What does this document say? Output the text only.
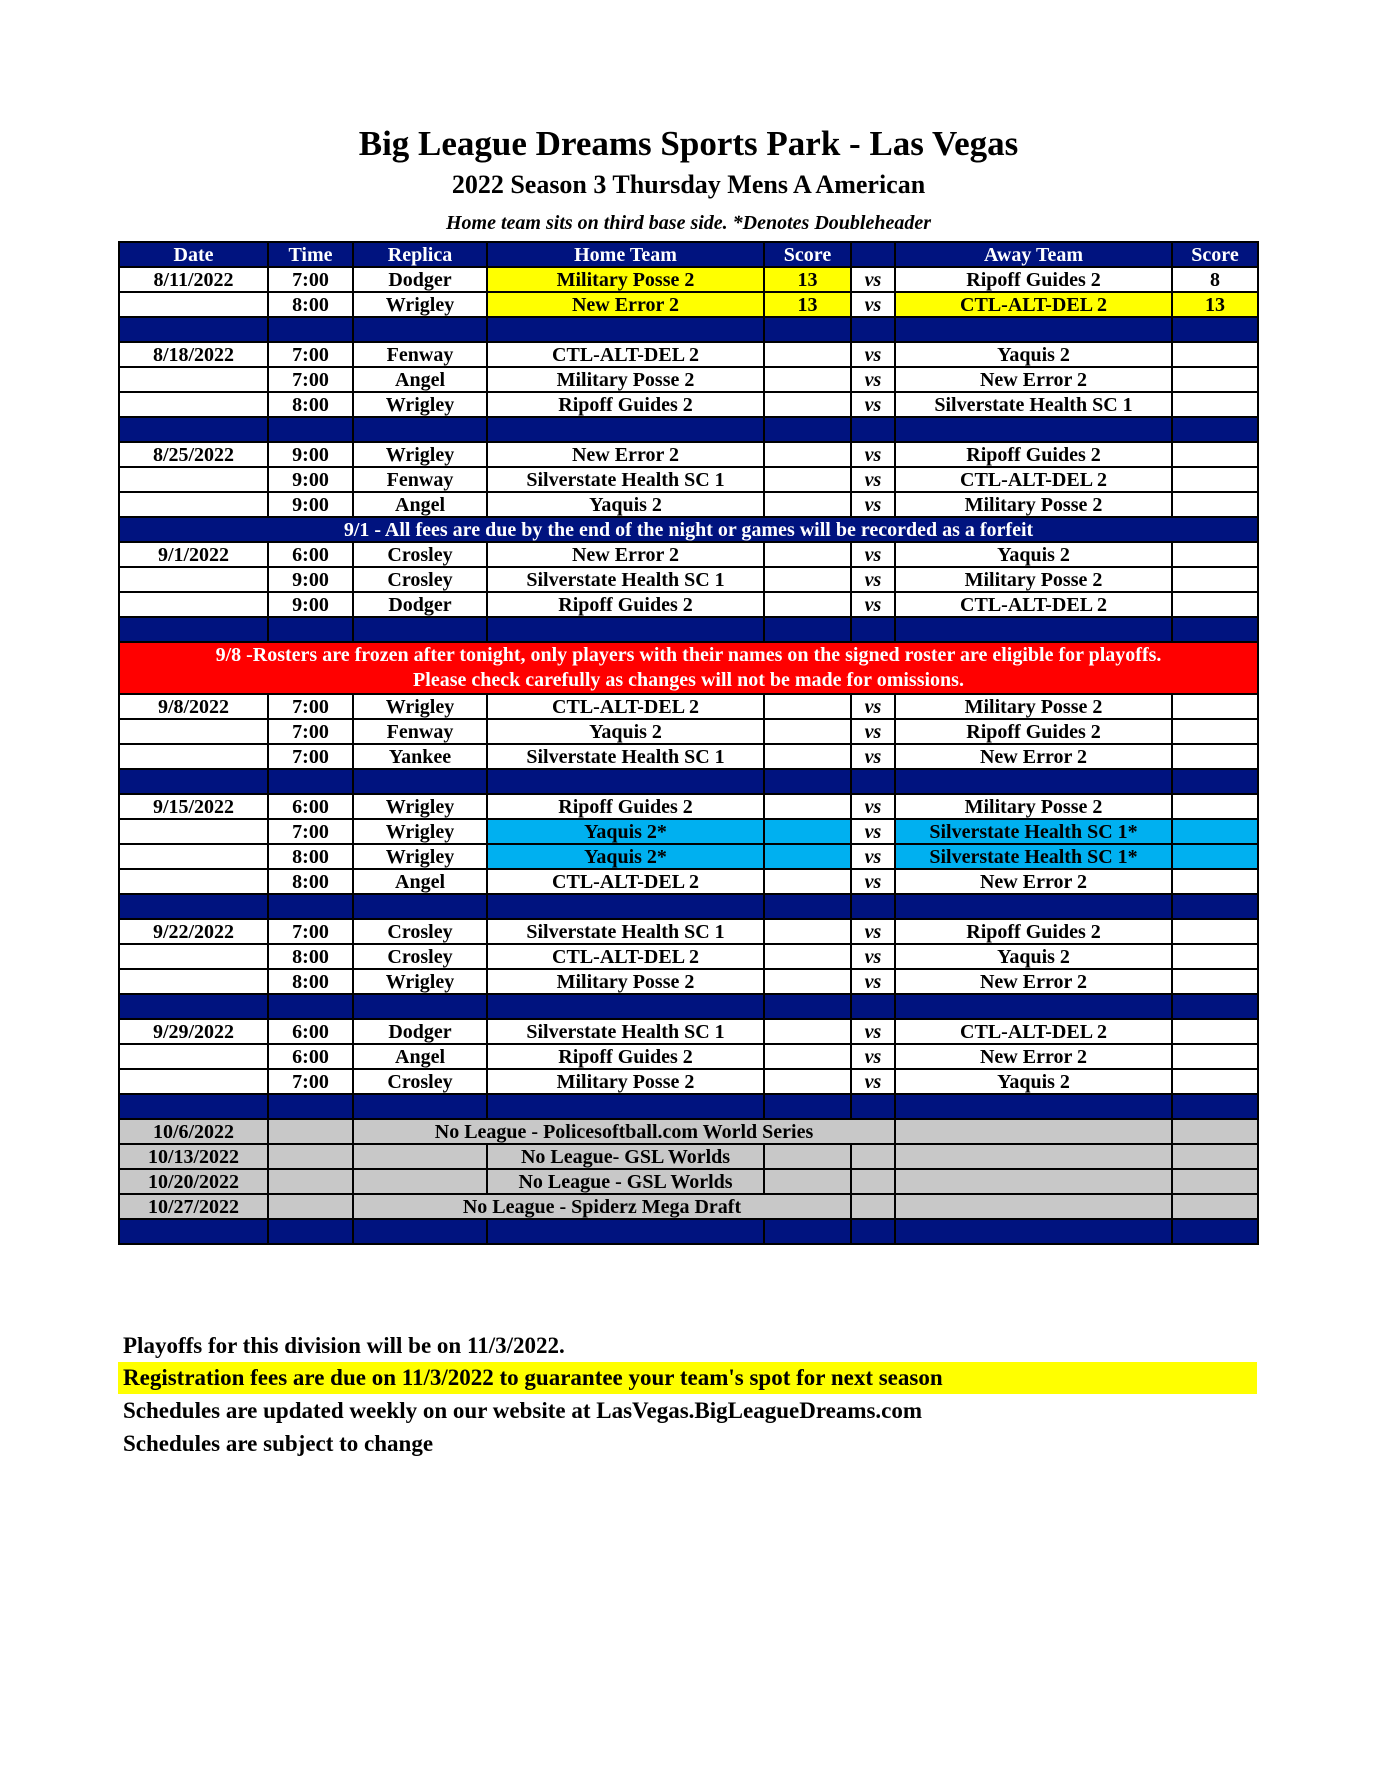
Big League Dreams Sports Park - Las Vegas
2022 Season 3 Thursday Mens A American
Home team sits on third base side. *Denotes Doubleheader
Date	Time	Replica	Home Team	Score		Away Team	Score
8/11/2022	7:00	Dodger	Military Posse 2	13	vs	Ripoff Guides 2	8
	8:00	Wrigley	New Error 2	13	vs	CTL-ALT-DEL 2	13

8/18/2022	7:00	Fenway	CTL-ALT-DEL 2		vs	Yaquis 2	
	7:00	Angel	Military Posse 2		vs	New Error 2	
	8:00	Wrigley	Ripoff Guides 2		vs	Silverstate Health SC 1	

8/25/2022	9:00	Wrigley	New Error 2		vs	Ripoff Guides 2	
	9:00	Fenway	Silverstate Health SC 1		vs	CTL-ALT-DEL 2	
	9:00	Angel	Yaquis 2		vs	Military Posse 2	
9/1 - All fees are due by the end of the night or games will be recorded as a forfeit							
9/1/2022	6:00	Crosley	New Error 2		vs	Yaquis 2	
	9:00	Crosley	Silverstate Health SC 1		vs	Military Posse 2	
	9:00	Dodger	Ripoff Guides 2		vs	CTL-ALT-DEL 2	

9/8 -Rosters are frozen after tonight, only players with their names on the signed roster are eligible for playoffs.
Please check carefully as changes will not be made for omissions.							

9/8/2022	7:00	Wrigley	CTL-ALT-DEL 2		vs	Military Posse 2	
	7:00	Fenway	Yaquis 2		vs	Ripoff Guides 2	
	7:00	Yankee	Silverstate Health SC 1		vs	New Error 2	

9/15/2022	6:00	Wrigley	Ripoff Guides 2		vs	Military Posse 2	
	7:00	Wrigley	Yaquis 2*		vs	Silverstate Health SC 1*	
	8:00	Wrigley	Yaquis 2*		vs	Silverstate Health SC 1*	
	8:00	Angel	CTL-ALT-DEL 2		vs	New Error 2	

9/22/2022	7:00	Crosley	Silverstate Health SC 1		vs	Ripoff Guides 2	
	8:00	Crosley	CTL-ALT-DEL 2		vs	Yaquis 2	
	8:00	Wrigley	Military Posse 2		vs	New Error 2	

9/29/2022	6:00	Dodger	Silverstate Health SC 1		vs	CTL-ALT-DEL 2	
	6:00	Angel	Ripoff Guides 2		vs	New Error 2	
	7:00	Crosley	Military Posse 2		vs	Yaquis 2	

10/6/2022		No League - Policesoftball.com World Series					
10/13/2022			No League- GSL Worlds				
10/20/2022			No League - GSL Worlds				
10/27/2022		No League - Spiderz Mega Draft					

Playoffs for this division will be on 11/3/2022.
Registration fees are due on 11/3/2022 to guarantee your team's spot for next season
Schedules are updated weekly on our website at LasVegas.BigLeagueDreams.com
Schedules are subject to change
